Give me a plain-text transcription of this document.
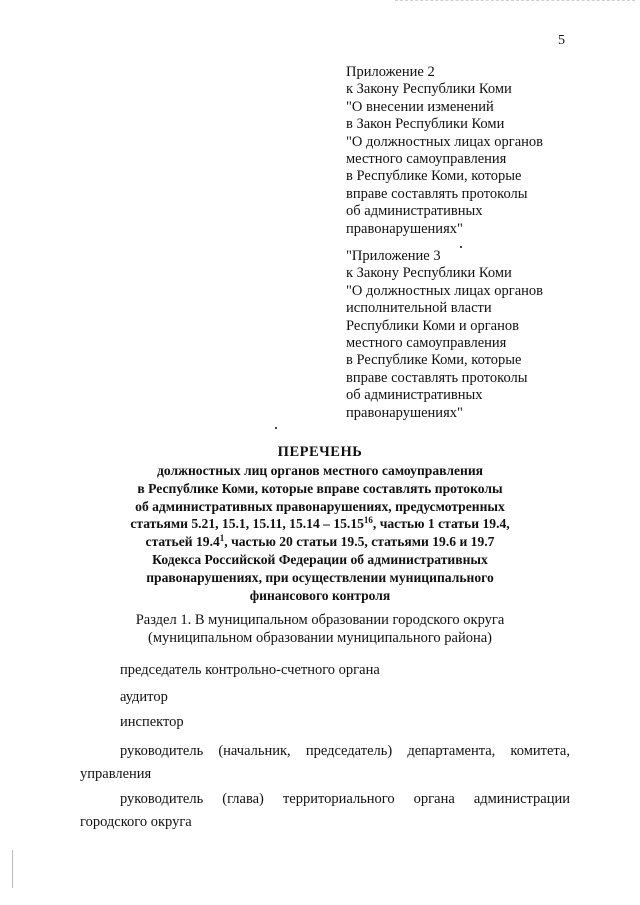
5
Приложение 2
к Закону Республики Коми
"О внесении изменений
в Закон Республики Коми
"О должностных лицах органов
местного самоуправления
в Республике Коми, которые
вправе составлять протоколы
об административных
правонарушениях"
"Приложение 3
к Закону Республики Коми
"О должностных лицах органов
исполнительной власти
Республики Коми и органов
местного самоуправления
в Республике Коми, которые
вправе составлять протоколы
об административных
правонарушениях"
ПЕРЕЧЕНЬ
должностных лиц органов местного самоуправления
в Республике Коми, которые вправе составлять протоколы
об административных правонарушениях, предусмотренных
статьями 5.21, 15.1, 15.11, 15.14 – 15.15$^{16}$, частью 1 статьи 19.4,
статьей 19.4$^1$, частью 20 статьи 19.5, статьями 19.6 и 19.7
Кодекса Российской Федерации об административных
правонарушениях, при осуществлении муниципального
финансового контроля
Раздел 1. В муниципальном образовании городского округа
(муниципальном образовании муниципального района)
председатель контрольно-счетного органа
аудитор
инспектор
руководитель (начальник, председатель) департамента, комитета,
управления
руководитель (глава) территориального органа администрации
городского округа
